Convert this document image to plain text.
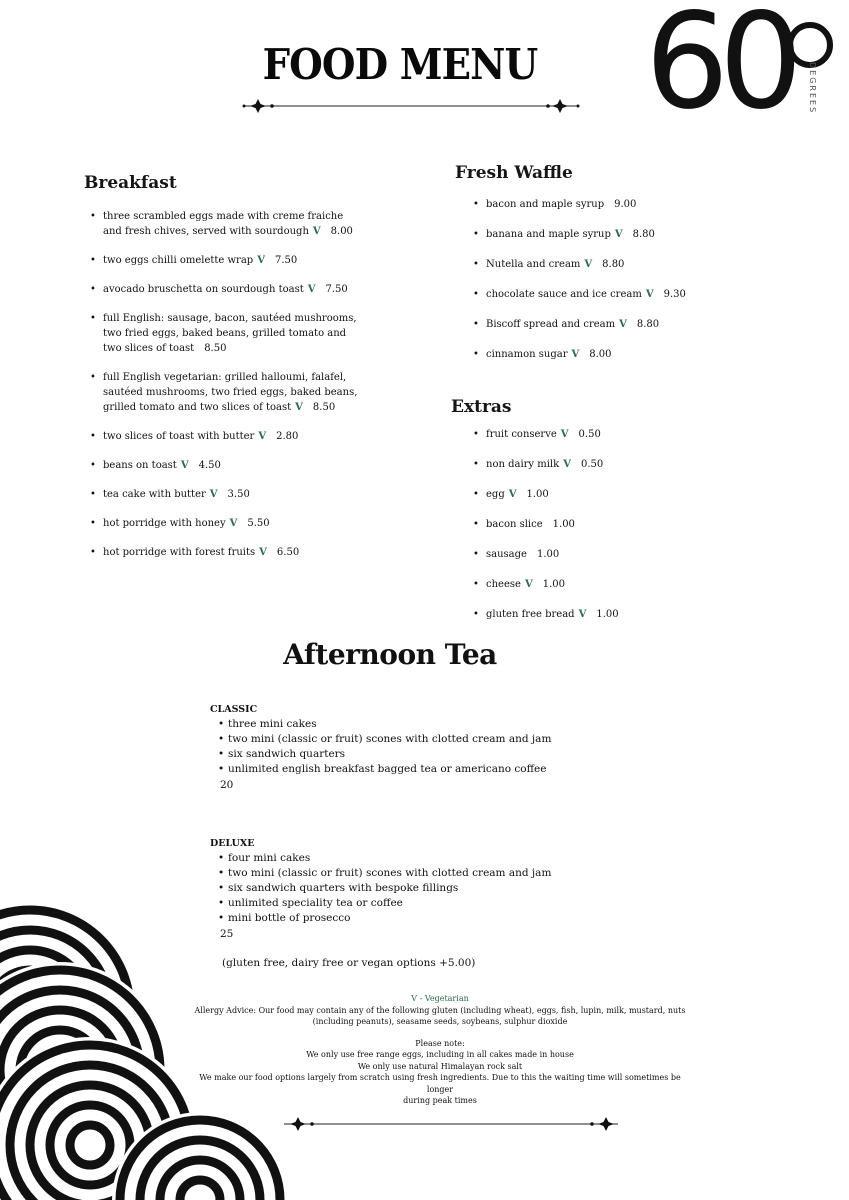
FOOD MENU 60	DEGREES
Breakfast
• three scrambled eggs made with creme fraiche and fresh chives, served with sourdough V 8.00
• two eggs chilli omelette wrap V 7.50
• avocado bruschetta on sourdough toast V 7.50
• full English: sausage, bacon, sautéed mushrooms, two fried eggs, baked beans, grilled tomato and two slices of toast 8.50
• full English vegetarian: grilled halloumi, falafel, sautéed mushrooms, two fried eggs, baked beans, grilled tomato and two slices of toast V 8.50
• two slices of toast with butter V 2.80
• beans on toast V 4.50
• tea cake with butter V 3.50
• hot porridge with honey V 5.50
• hot porridge with forest fruits V 6.50
Fresh Waffle
• bacon and maple syrup 9.00
• banana and maple syrup V 8.80
• Nutella and cream V 8.80
• chocolate sauce and ice cream V 9.30
• Biscoff spread and cream V 8.80
• cinnamon sugar V 8.00
Extras
• fruit conserve V 0.50
• non dairy milk V 0.50
• egg V 1.00
• bacon slice 1.00
• sausage 1.00
• cheese V 1.00
• gluten free bread V 1.00
Afternoon Tea
CLASSIC
• three mini cakes
• two mini (classic or fruit) scones with clotted cream and jam
• six sandwich quarters
• unlimited english breakfast bagged tea or americano coffee
20
DELUXE
• four mini cakes
• two mini (classic or fruit) scones with clotted cream and jam
• six sandwich quarters with bespoke fillings
• unlimited speciality tea or coffee
• mini bottle of prosecco
25
(gluten free, dairy free or vegan options +5.00)

V - Vegetarian

Allergy Advice: Our food may contain any of the following gluten (including wheat), eggs, fish, lupin, milk, mustard, nuts

(including peanuts), seasame seeds, soybeans, sulphur dioxide

Please note:

We only use free range eggs, including in all cakes made in house

We only use natural Himalayan rock salt

We make our food options largely from scratch using fresh ingredients. Due to this the waiting time will sometimes be longer

during peak times
